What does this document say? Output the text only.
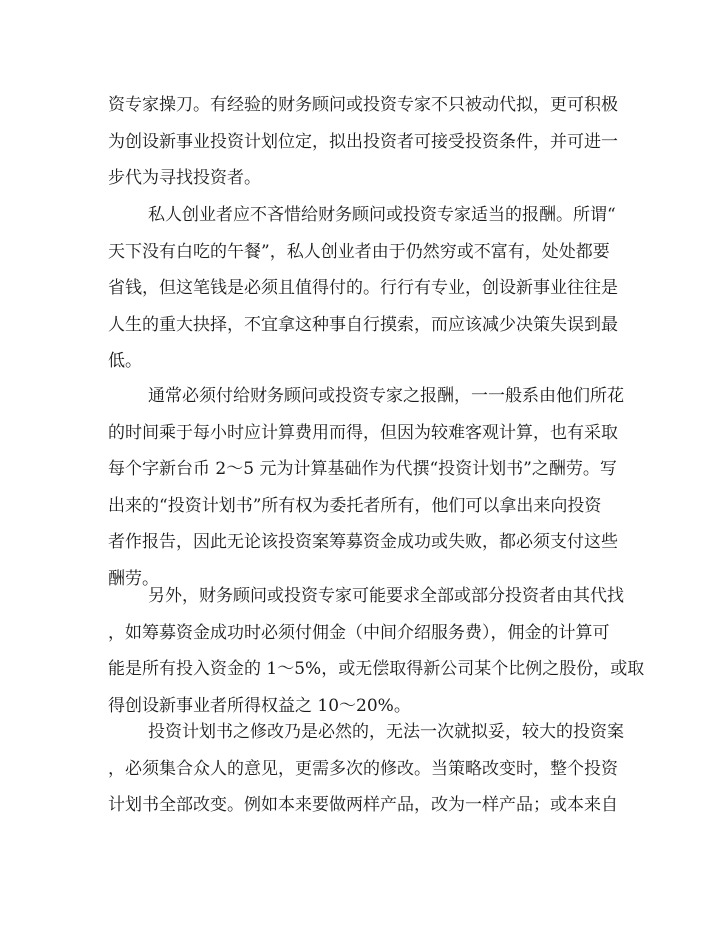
资专家操刀。有经验的财务顾问或投资专家不只被动代拟，更可积极
为创设新事业投资计划位定，拟出投资者可接受投资条件，并可进一
步代为寻找投资者。
私人创业者应不吝惜给财务顾问或投资专家适当的报酬。所谓“
天下没有白吃的午餐”，私人创业者由于仍然穷或不富有，处处都要
省钱，但这笔钱是必须且值得付的。行行有专业，创设新事业往往是
人生的重大抉择，不宜拿这种事自行摸索，而应该减少决策失误到最
低。
通常必须付给财务顾问或投资专家之报酬，一一般系由他们所花
的时间乘于每小时应计算费用而得，但因为较难客观计算，也有采取
每个字新台币 2～5 元为计算基础作为代撰“投资计划书”之酬劳。写
出来的“投资计划书”所有权为委托者所有，他们可以拿出来向投资
者作报告，因此无论该投资案筹募资金成功或失败，都必须支付这些
酬劳。
另外，财务顾问或投资专家可能要求全部或部分投资者由其代找
，如筹募资金成功时必须付佣金（中间介绍服务费），佣金的计算可
能是所有投入资金的 1～5%，或无偿取得新公司某个比例之股份，或取
得创设新事业者所得权益之 10～20%。
投资计划书之修改乃是必然的，无法一次就拟妥，较大的投资案
，必须集合众人的意见，更需多次的修改。当策略改变时，整个投资
计划书全部改变。例如本来要做两样产品，改为一样产品；或本来自
